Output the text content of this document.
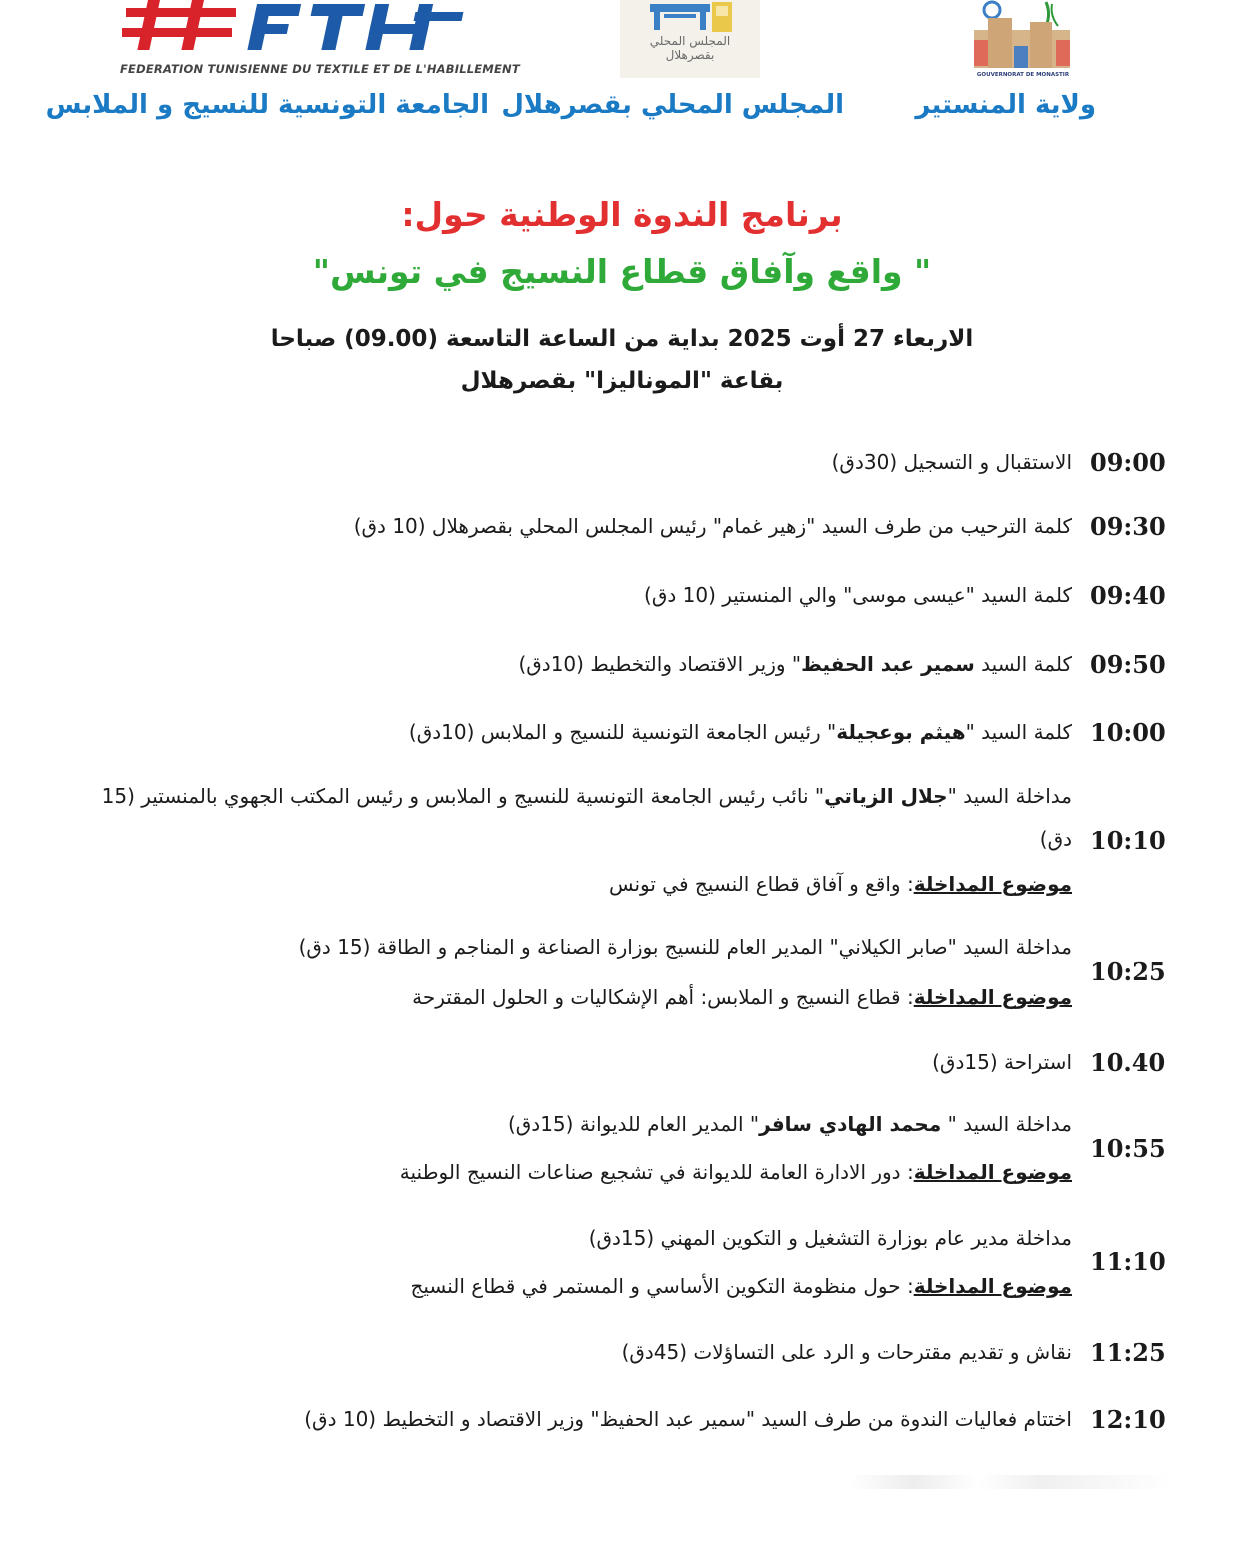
FEDERATION TUNISIENNE DU TEXTILE ET DE L'HABILLEMENT
المجلس المحلي
بقصرهلال
GOUVERNORAT DE MONASTIR
الجامعة التونسية للنسيج و الملابس المجلس المحلي بقصرهلال	ولاية المنستير
برنامج الندوة الوطنية حول:
" واقع وآفاق قطاع النسيج في تونس"
الاربعاء 27 أوت 2025 بداية من الساعة التاسعة (09.00) صباحا
بقاعة "الموناليزا" بقصرهلال
09:00
الاستقبال و التسجيل (30دق)
09:30
كلمة الترحيب من طرف السيد "زهير غمام" رئيس المجلس المحلي بقصرهلال (10 دق)
09:40
كلمة السيد "عيسى موسى" والي المنستير (10 دق)
09:50
كلمة السيد سمير عبد الحفيظ" وزير الاقتصاد والتخطيط (10دق)
10:00
كلمة السيد "هيثم بوعجيلة" رئيس الجامعة التونسية للنسيج و الملابس (10دق)
10:10
مداخلة السيد "جلال الزياتي" نائب رئيس الجامعة التونسية للنسيج و الملابس و رئيس المكتب الجهوي بالمنستير (15 دق)
موضوع المداخلة: واقع و آفاق قطاع النسيج في تونس
10:25
مداخلة السيد "صابر الكيلاني" المدير العام للنسيج بوزارة الصناعة و المناجم و الطاقة (15 دق)
موضوع المداخلة: قطاع النسيج و الملابس: أهم الإشكاليات و الحلول المقترحة
10.40
استراحة (15دق)
10:55
مداخلة السيد " محمد الهادي سافر" المدير العام للديوانة (15دق)
موضوع المداخلة: دور الادارة العامة للديوانة في تشجيع صناعات النسيج الوطنية
11:10
مداخلة مدير عام بوزارة التشغيل و التكوين المهني (15دق)
موضوع المداخلة: حول منظومة التكوين الأساسي و المستمر في قطاع النسيج
11:25
نقاش و تقديم مقترحات و الرد على التساؤلات (45دق)
12:10
اختتام فعاليات الندوة من طرف السيد "سمير عبد الحفيظ" وزير الاقتصاد و التخطيط (10 دق)
